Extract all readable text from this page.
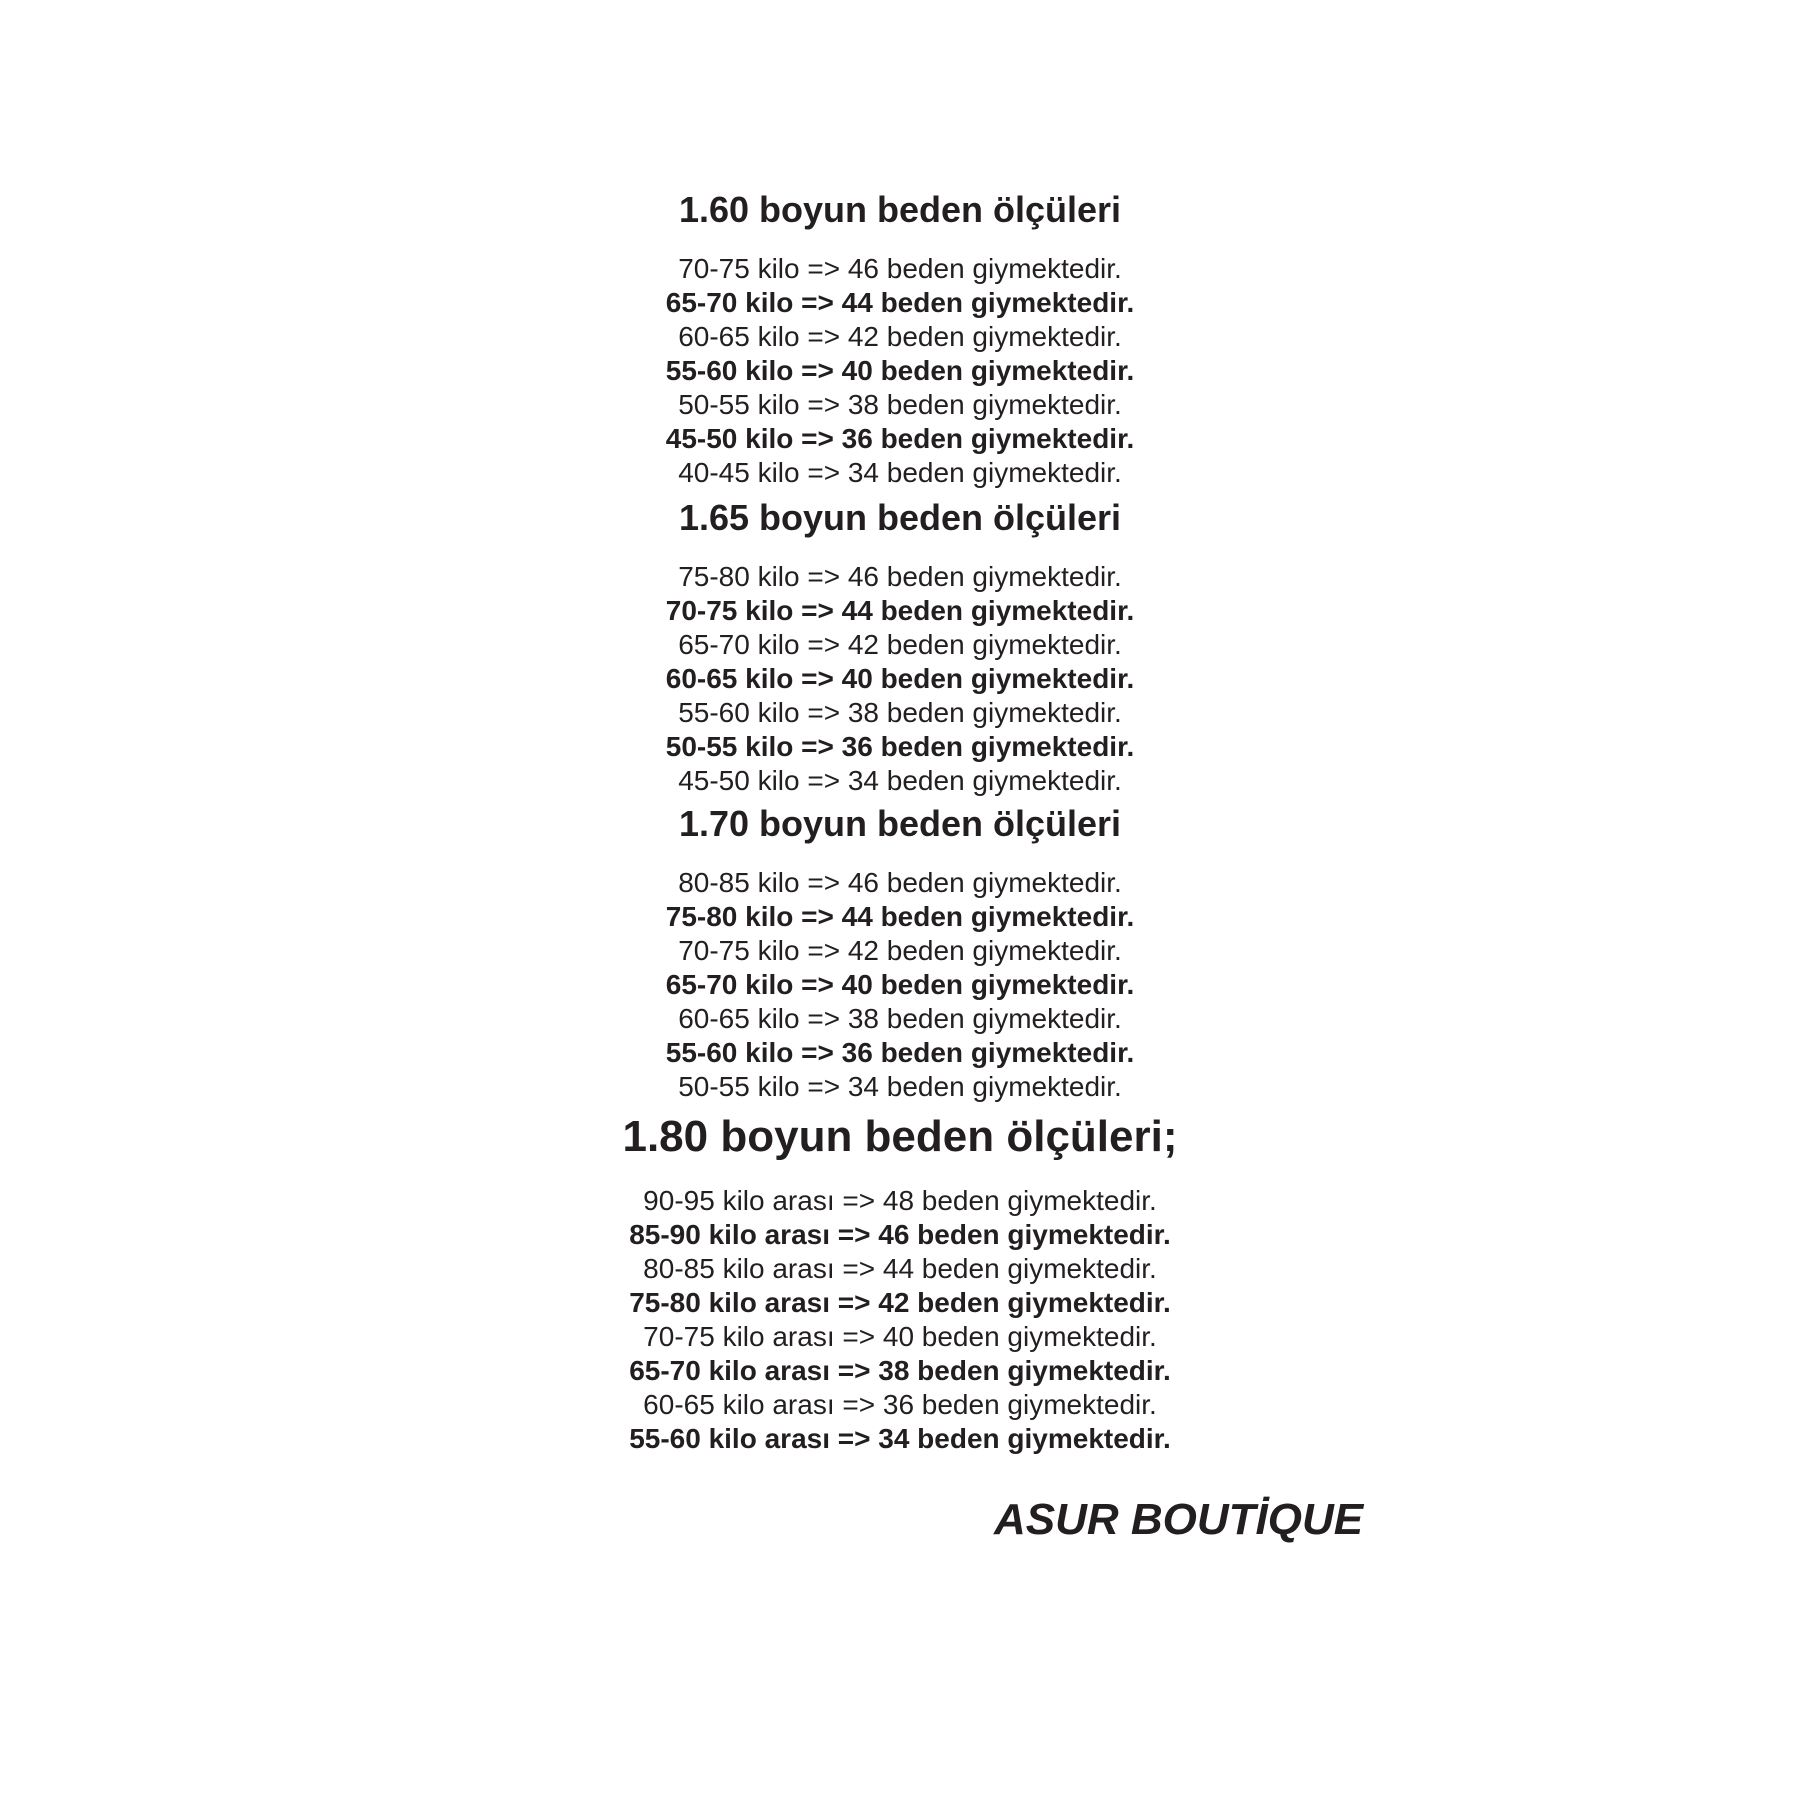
1.60 boyun beden ölçüleri
70-75 kilo => 46 beden giymektedir.
65-70 kilo => 44 beden giymektedir.
60-65 kilo => 42 beden giymektedir.
55-60 kilo => 40 beden giymektedir.
50-55 kilo => 38 beden giymektedir.
45-50 kilo => 36 beden giymektedir.
40-45 kilo => 34 beden giymektedir.
1.65 boyun beden ölçüleri
75-80 kilo => 46 beden giymektedir.
70-75 kilo => 44 beden giymektedir.
65-70 kilo => 42 beden giymektedir.
60-65 kilo => 40 beden giymektedir.
55-60 kilo => 38 beden giymektedir.
50-55 kilo => 36 beden giymektedir.
45-50 kilo => 34 beden giymektedir.
1.70 boyun beden ölçüleri
80-85 kilo => 46 beden giymektedir.
75-80 kilo => 44 beden giymektedir.
70-75 kilo => 42 beden giymektedir.
65-70 kilo => 40 beden giymektedir.
60-65 kilo => 38 beden giymektedir.
55-60 kilo => 36 beden giymektedir.
50-55 kilo => 34 beden giymektedir.
1.80 boyun beden ölçüleri;
90-95 kilo arası => 48 beden giymektedir.
85-90 kilo arası => 46 beden giymektedir.
80-85 kilo arası => 44 beden giymektedir.
75-80 kilo arası => 42 beden giymektedir.
70-75 kilo arası => 40 beden giymektedir.
65-70 kilo arası => 38 beden giymektedir.
60-65 kilo arası => 36 beden giymektedir.
55-60 kilo arası => 34 beden giymektedir.
ASUR BOUTİQUE
